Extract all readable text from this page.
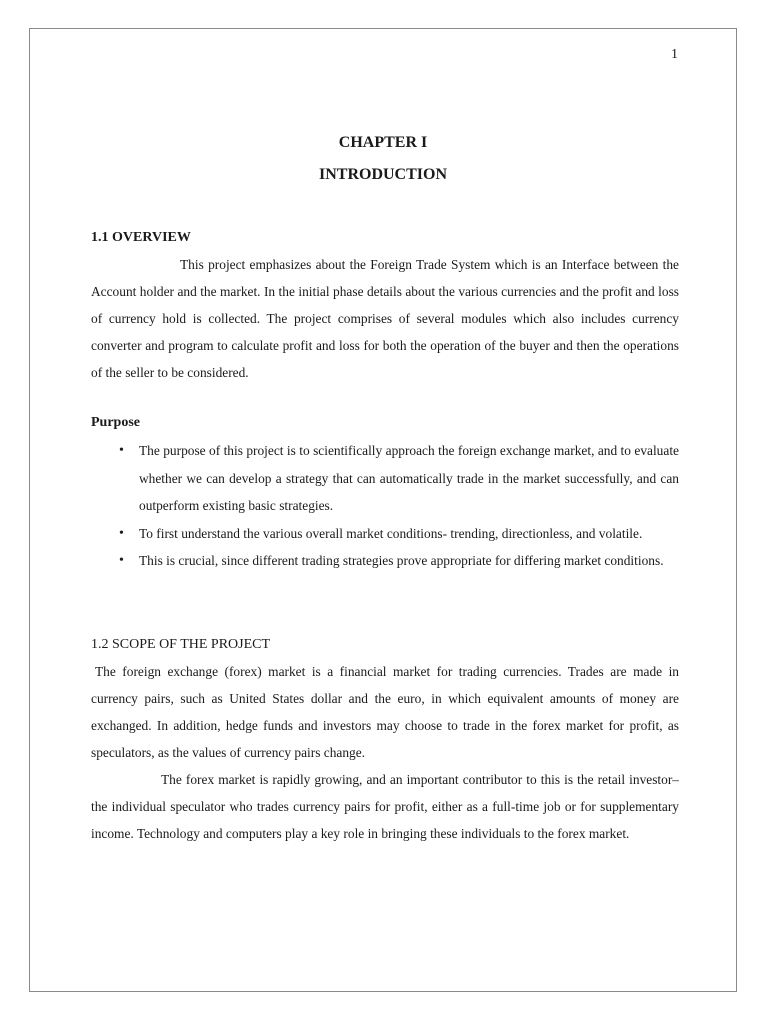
1
CHAPTER I
INTRODUCTION
1.1 OVERVIEW
This project emphasizes about the Foreign Trade System which is an Interface between the Account holder and the market. In the initial phase details about the various currencies and the profit and loss of currency hold is collected. The project comprises of several modules which also includes currency converter and program to calculate profit and loss for both the operation of the buyer and then the operations of the seller to be considered.
Purpose
• The purpose of this project is to scientifically approach the foreign exchange market, and to evaluate whether we can develop a strategy that can automatically trade in the market successfully, and can outperform existing basic strategies.
• To first understand the various overall market conditions- trending, directionless, and volatile.
• This is crucial, since different trading strategies prove appropriate for differing market conditions.
1.2 SCOPE OF THE PROJECT
The foreign exchange (forex) market is a financial market for trading currencies. Trades are made in currency pairs, such as United States dollar and the euro, in which equivalent amounts of money are exchanged. In addition, hedge funds and investors may choose to trade in the forex market for profit, as speculators, as the values of currency pairs change.
The forex market is rapidly growing, and an important contributor to this is the retail investor– the individual speculator who trades currency pairs for profit, either as a full-time job or for supplementary income. Technology and computers play a key role in bringing these individuals to the forex market.
